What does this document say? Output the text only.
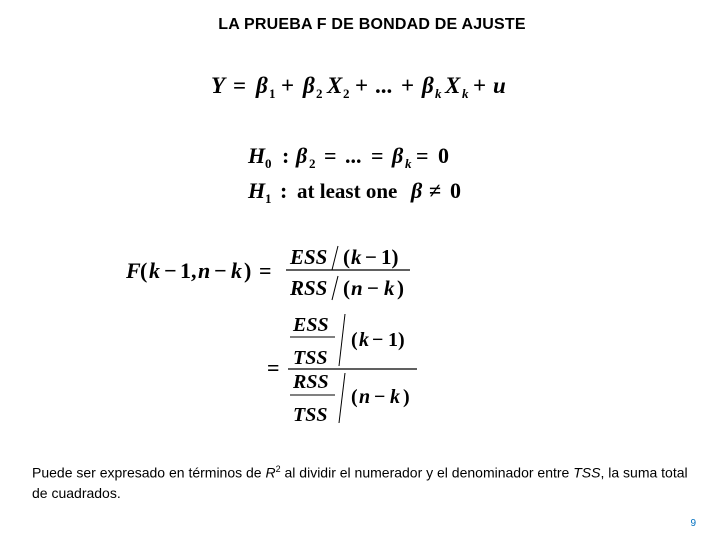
LA PRUEBA F DE BONDAD DE AJUSTE
Y = β 1 + β 2 X 2 + ... + β k X k + u
H 0 : β 2 = ... = β k = 0
H 1 : at least one β ≠ 0
F ( k − 1, n − k ) =
ESS ( k − 1)
RSS ( n − k )
=
ESS
TSS
( k − 1)
RSS
TSS
( n − k )
Puede ser expresado en términos de $R^2$ al dividir el numerador y el denominador entre TSS, la suma total de cuadrados.
9
